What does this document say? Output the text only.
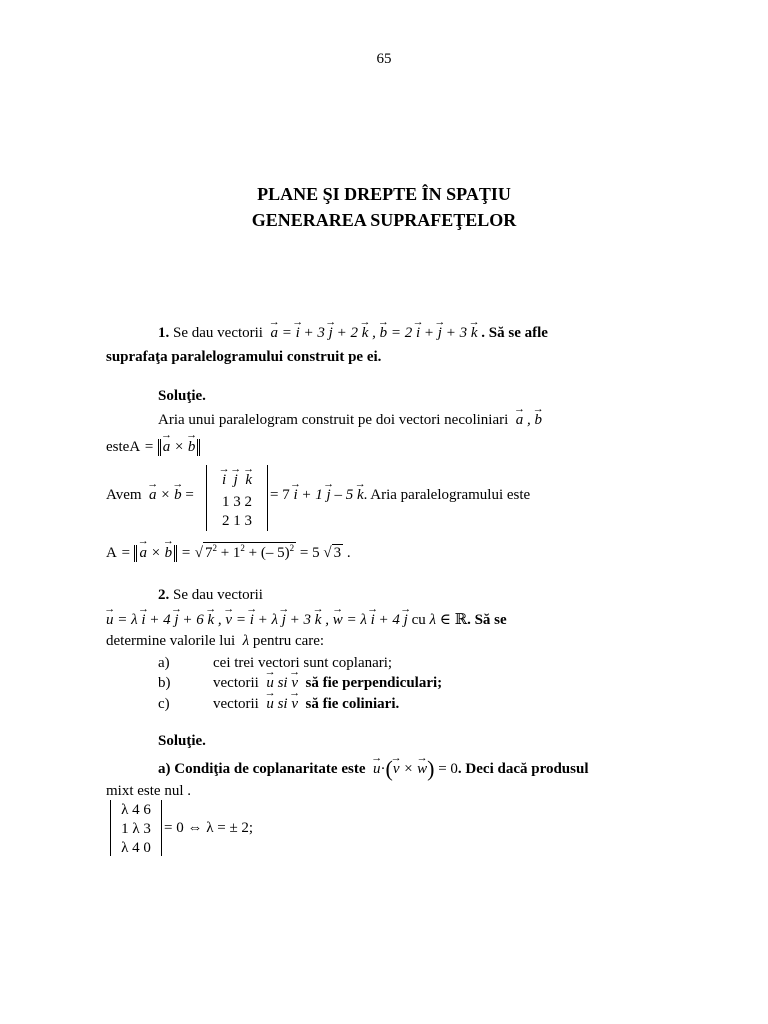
65
PLANE ŞI DREPTE ÎN SPAŢIU
GENERAREA SUPRAFEŢELOR
1. Se dau vectorii → a = → i + 3 → j + 2 → k , → b = 2 → i + → j + 3 → k . Să se afle
suprafaţa paralelogramului construit pe ei.
Soluţie.
Aria unui paralelogram construit pe doi vectori necoliniari → a , → b
esteA = → a × → b
Avem → a × → b =
→ i → j → k
1 3 2
2 1 3
= 7 → i + 1 → j – 5 → k. Aria paralelogramului este
A = → a × → b = √ $7^2 + 1^2$ + (– 5)$^2$ = 5 √ 3 .
2. Se dau vectorii
→ u = λ → i + 4 → j + 6 → k , → v = → i + λ → j + 3 → k , → w = λ → i + 4 → j cu λ ∈ ℝ. Să se
determine valorile lui λ pentru care:
a)	cei trei vectori sunt coplanari;
b)	vectorii → u si → v să fie perpendiculari;
c)	vectorii → u si → v să fie coliniari.
Soluţie.
a) Condiţia de coplanaritate este → u·(→ v × → w) = 0. Deci dacă produsul
mixt este nul .
λ 4 6
1 λ 3
λ 4 0
= 0 ⇔ λ = ± 2;
